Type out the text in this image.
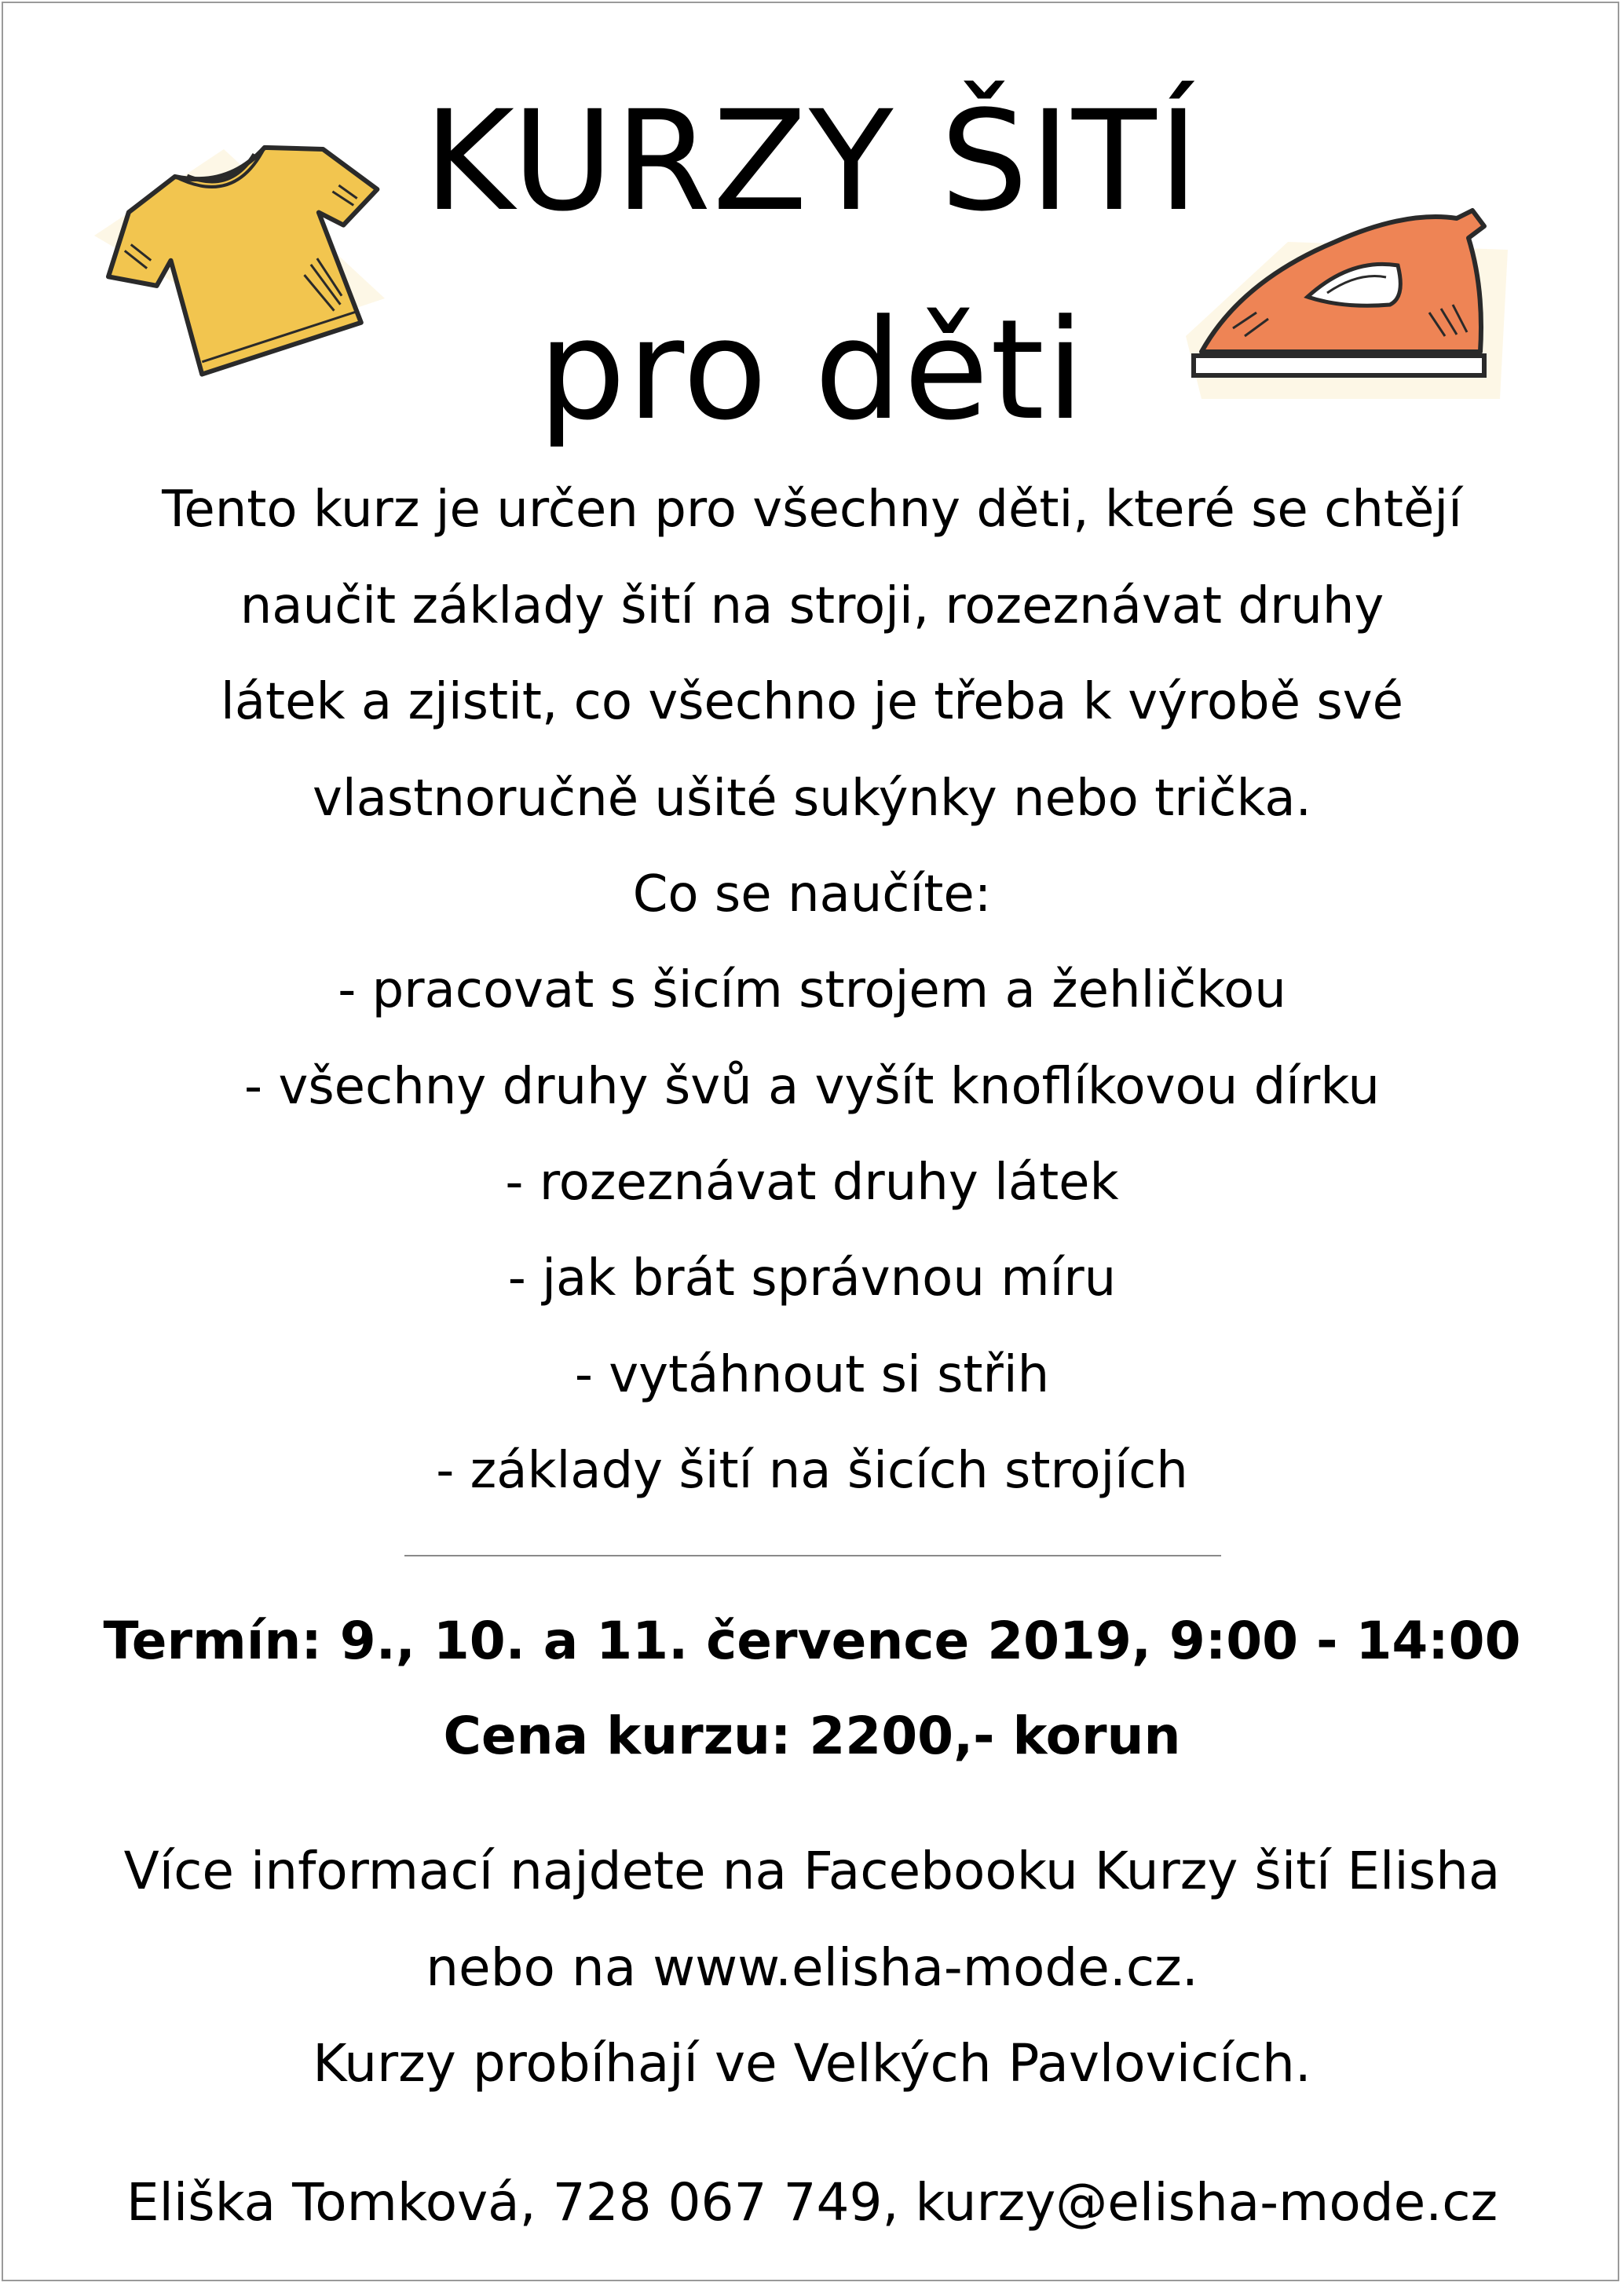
KURZY ŠITÍ
pro děti
Tento kurz je určen pro všechny děti, které se chtějí
naučit základy šití na stroji, rozeznávat druhy
látek a zjistit, co všechno je třeba k výrobě své
vlastnoručně ušité sukýnky nebo trička.
Co se naučíte:
- pracovat s šicím strojem a žehličkou
- všechny druhy švů a vyšít knoflíkovou dírku
- rozeznávat druhy látek
- jak brát správnou míru
- vytáhnout si střih
- základy šití na šicích strojích
Termín: 9., 10. a 11. července 2019, 9:00 - 14:00
Cena kurzu: 2200,- korun
Více informací najdete na Facebooku Kurzy šití Elisha
nebo na www.elisha-mode.cz.
Kurzy probíhají ve Velkých Pavlovicích.
Eliška Tomková, 728 067 749, kurzy@elisha-mode.cz
